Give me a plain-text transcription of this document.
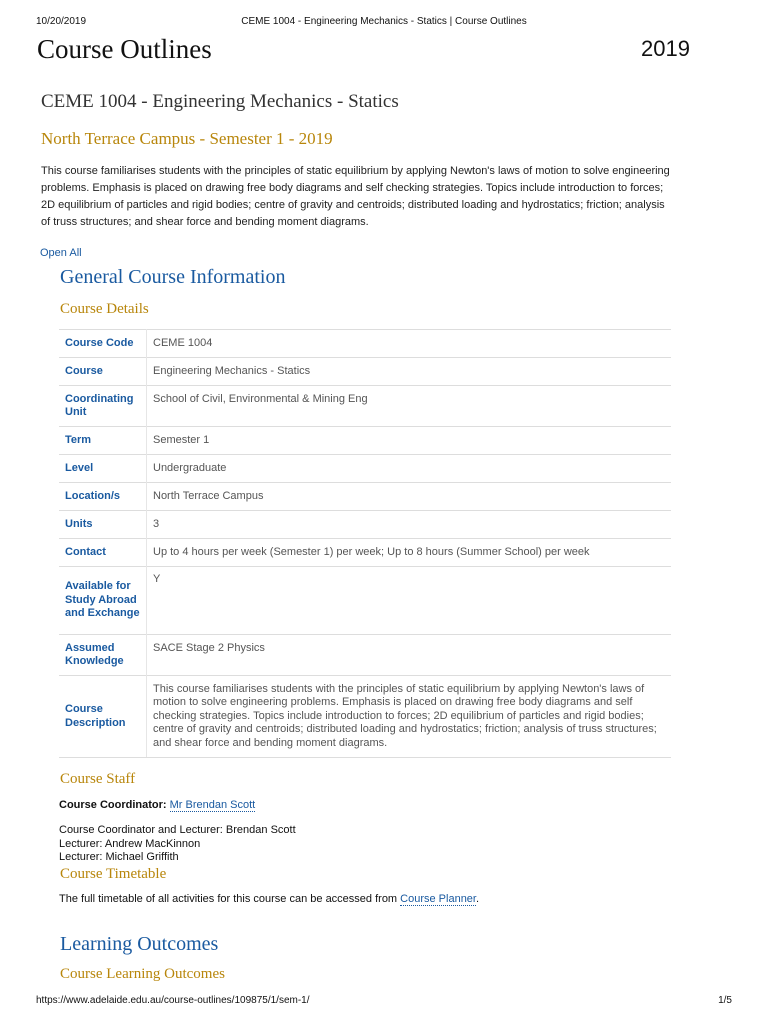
10/20/2019	CEME 1004 - Engineering Mechanics - Statics | Course Outlines
Course Outlines	2019
CEME 1004 - Engineering Mechanics - Statics
North Terrace Campus - Semester 1 - 2019

This course familiarises students with the principles of static equilibrium by applying Newton's laws of motion to solve engineering problems. Emphasis is placed on drawing free body diagrams and self checking strategies. Topics include introduction to forces; 2D equilibrium of particles and rigid bodies; centre of gravity and centroids; distributed loading and hydrostatics; friction; analysis of truss structures; and shear force and bending moment diagrams.

Open All
General Course Information
Course Details
Course Code	CEME 1004
Course	Engineering Mechanics - Statics
Coordinating Unit	School of Civil, Environmental & Mining Eng
Term	Semester 1
Level	Undergraduate
Location/s	North Terrace Campus
Units	3
Contact	Up to 4 hours per week (Semester 1) per week; Up to 8 hours (Summer School) per week
Available for Study Abroad and Exchange	Y
Assumed Knowledge	SACE Stage 2 Physics
Course Description	This course familiarises students with the principles of static equilibrium by applying Newton's laws of motion to solve engineering problems. Emphasis is placed on drawing free body diagrams and self checking strategies. Topics include introduction to forces; 2D equilibrium of particles and rigid bodies; centre of gravity and centroids; distributed loading and hydrostatics; friction; analysis of truss structures; and shear force and bending moment diagrams.
Course Staff
Course Coordinator: Mr Brendan Scott
Course Coordinator and Lecturer: Brendan Scott
Lecturer: Andrew MacKinnon
Lecturer: Michael Griffith
Course Timetable
The full timetable of all activities for this course can be accessed from Course Planner.
Learning Outcomes
Course Learning Outcomes
https://www.adelaide.edu.au/course-outlines/109875/1/sem-1/	1/5
